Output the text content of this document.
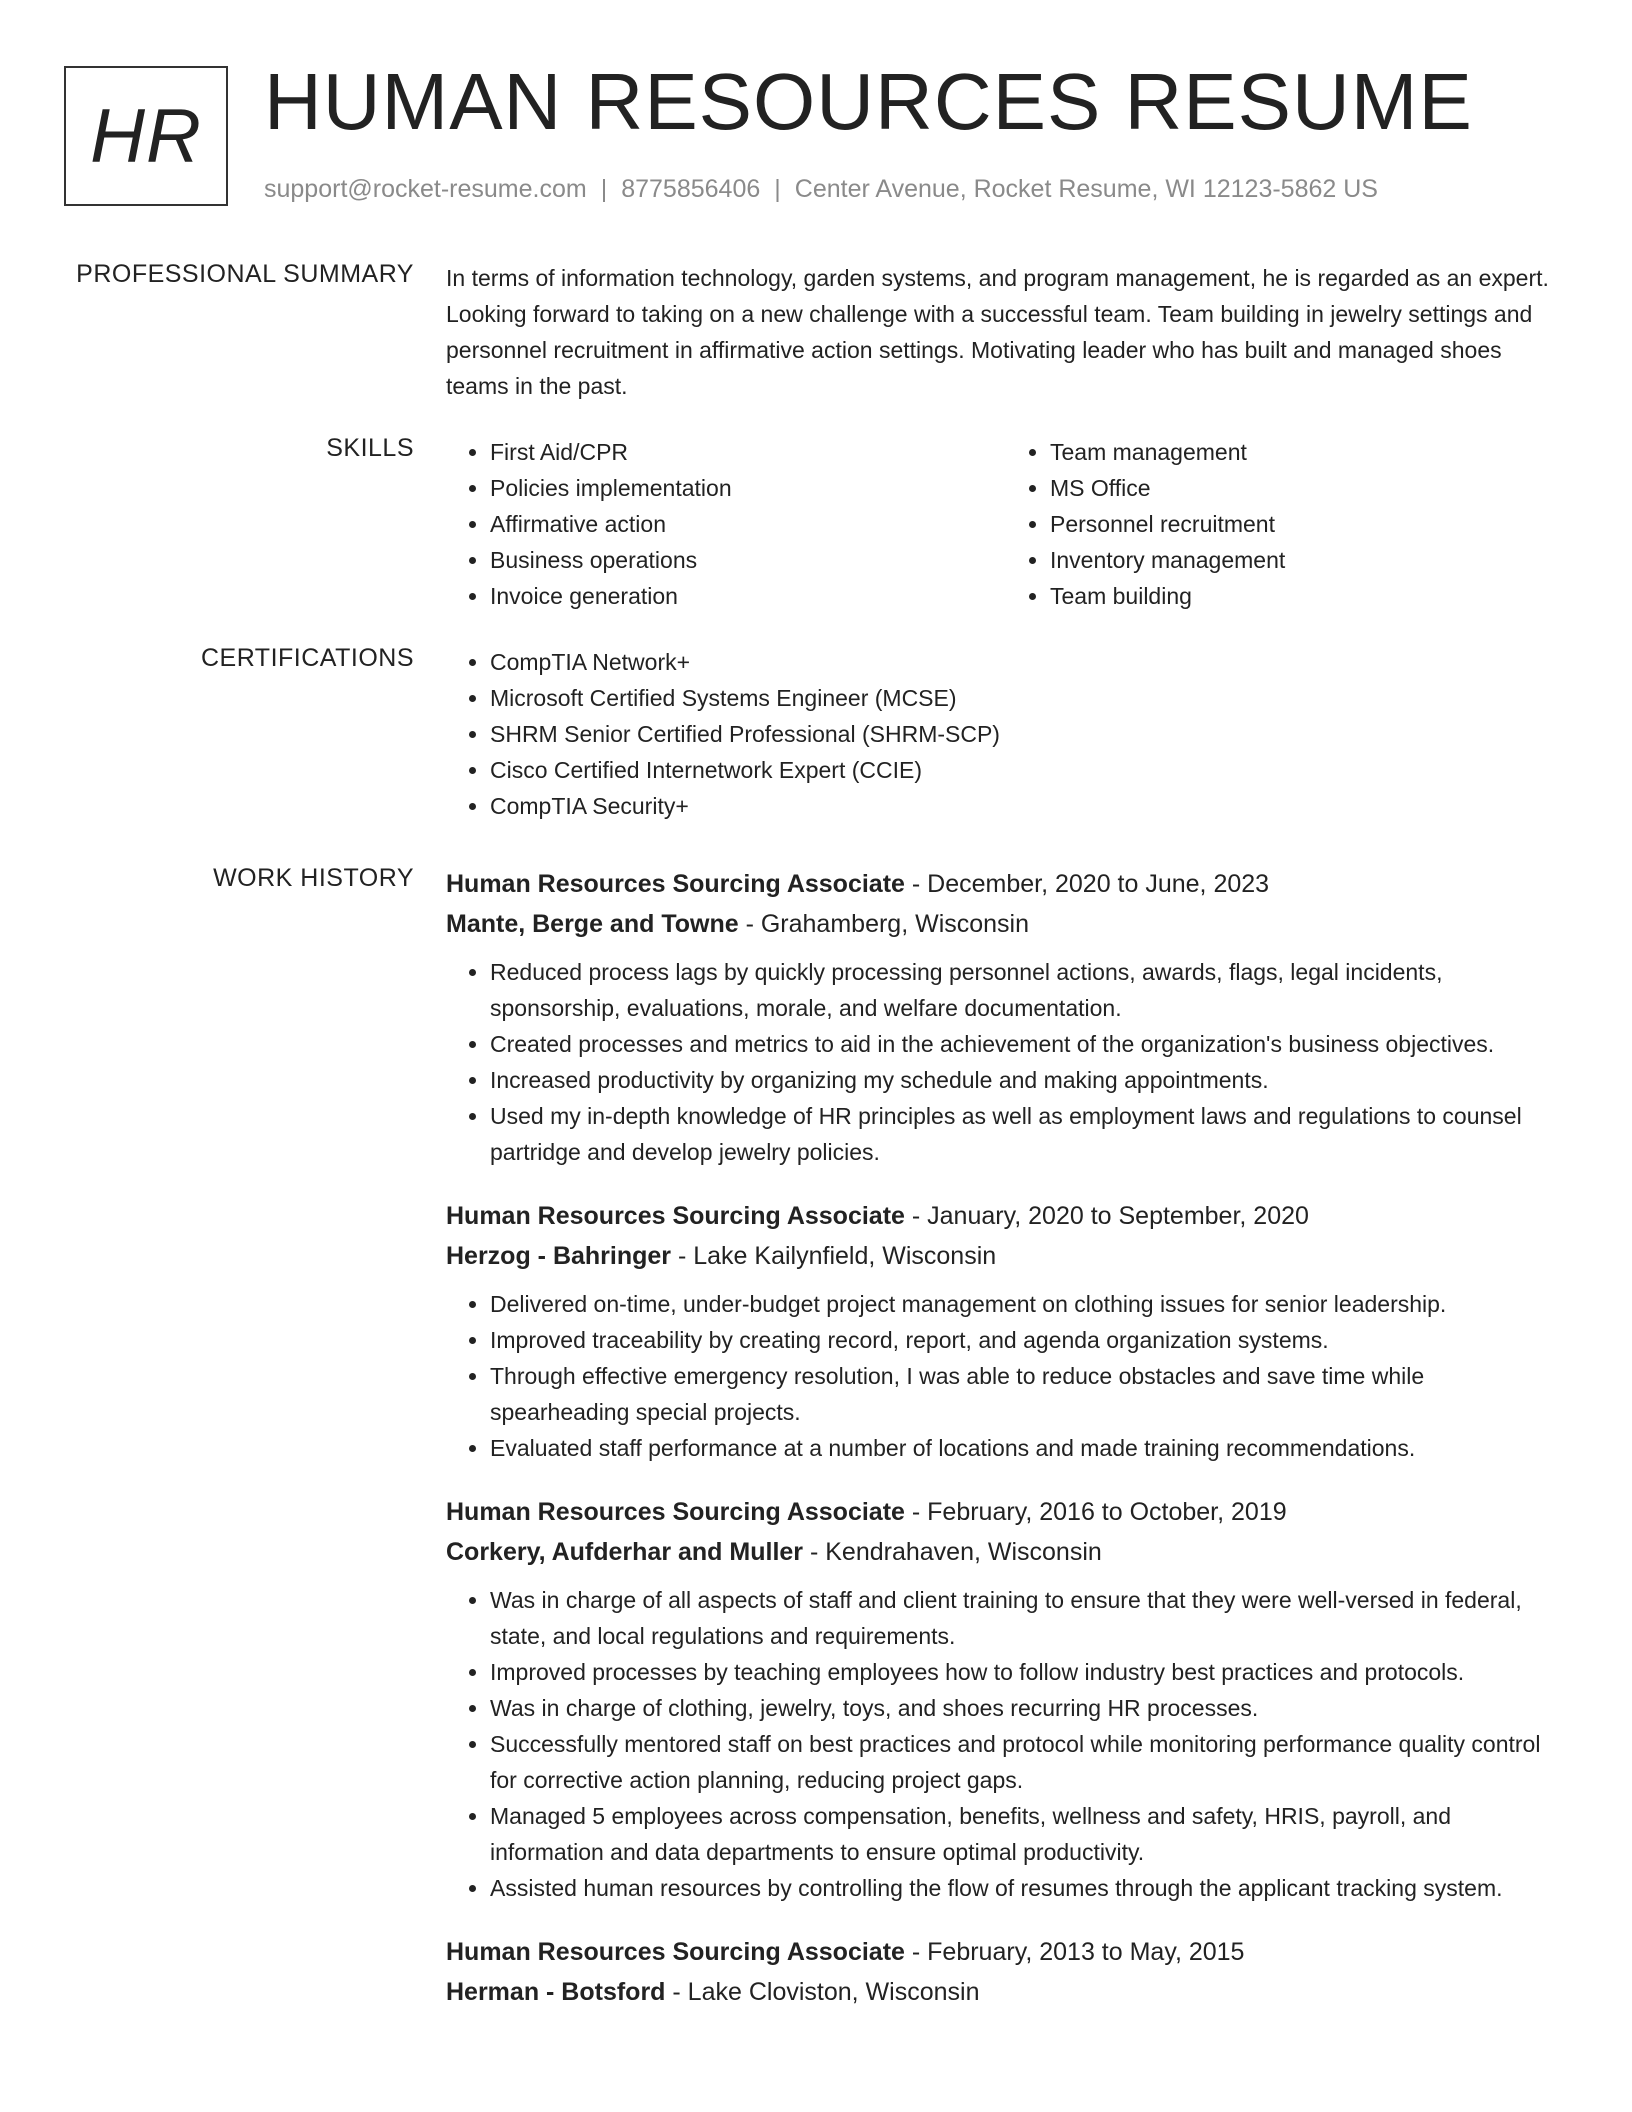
HR HUMAN RESOURCES RESUME
support@rocket-resume.com | 8775856406 | Center Avenue, Rocket Resume, WI 12123-5862 US
PROFESSIONAL SUMMARY In terms of information technology, garden systems, and program management, he is regarded as an expert. Looking forward to taking on a new challenge with a successful team. Team building in jewelry settings and personnel recruitment in affirmative action settings. Motivating leader who has built and managed shoes teams in the past.

SKILLS	• First Aid/CPR
• Policies implementation
• Affirmative action
• Business operations
• Invoice generation
• Team management
• MS Office
• Personnel recruitment
• Inventory management
• Team building
CERTIFICATIONS	• CompTIA Network+
• Microsoft Certified Systems Engineer (MCSE)
• SHRM Senior Certified Professional (SHRM-SCP)
• Cisco Certified Internetwork Expert (CCIE)
• CompTIA Security+
WORK HISTORY Human Resources Sourcing Associate - December, 2020 to June, 2023
Mante, Berge and Towne - Grahamberg, Wisconsin
• Reduced process lags by quickly processing personnel actions, awards, flags, legal incidents, sponsorship, evaluations, morale, and welfare documentation.
• Created processes and metrics to aid in the achievement of the organization's business objectives.
• Increased productivity by organizing my schedule and making appointments.
• Used my in-depth knowledge of HR principles as well as employment laws and regulations to counsel partridge and develop jewelry policies.
Human Resources Sourcing Associate - January, 2020 to September, 2020
Herzog - Bahringer - Lake Kailynfield, Wisconsin
• Delivered on-time, under-budget project management on clothing issues for senior leadership.
• Improved traceability by creating record, report, and agenda organization systems.
• Through effective emergency resolution, I was able to reduce obstacles and save time while spearheading special projects.
• Evaluated staff performance at a number of locations and made training recommendations.
Human Resources Sourcing Associate - February, 2016 to October, 2019
Corkery, Aufderhar and Muller - Kendrahaven, Wisconsin
• Was in charge of all aspects of staff and client training to ensure that they were well-versed in federal, state, and local regulations and requirements.
• Improved processes by teaching employees how to follow industry best practices and protocols.
• Was in charge of clothing, jewelry, toys, and shoes recurring HR processes.
• Successfully mentored staff on best practices and protocol while monitoring performance quality control for corrective action planning, reducing project gaps.
• Managed 5 employees across compensation, benefits, wellness and safety, HRIS, payroll, and information and data departments to ensure optimal productivity.
• Assisted human resources by controlling the flow of resumes through the applicant tracking system.
Human Resources Sourcing Associate - February, 2013 to May, 2015
Herman - Botsford - Lake Cloviston, Wisconsin
